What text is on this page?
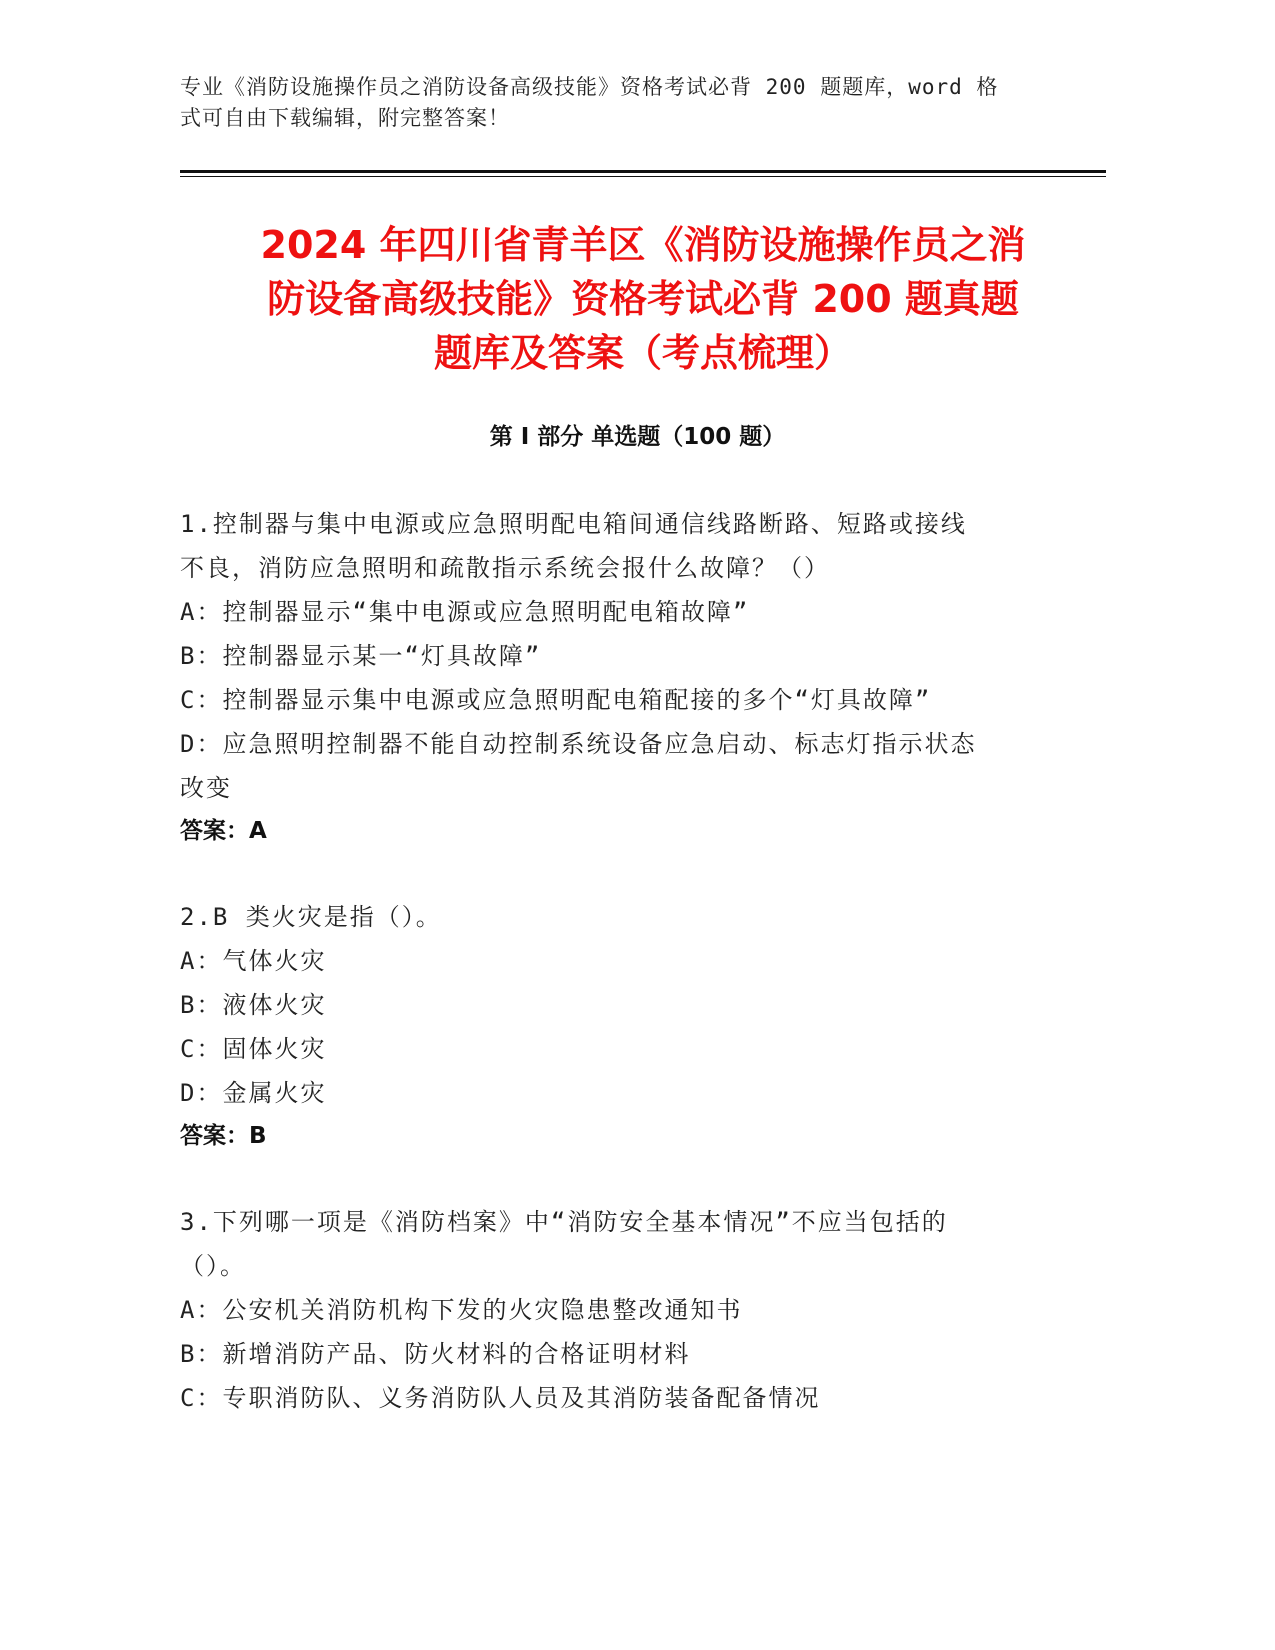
专业《消防设施操作员之消防设备高级技能》资格考试必背 200 题题库，word 格
式可自由下载编辑，附完整答案！
2024 年四川省青羊区《消防设施操作员之消
防设备高级技能》资格考试必背 200 题真题
题库及答案（考点梳理）
第 I 部分 单选题（100 题）
1.控制器与集中电源或应急照明配电箱间通信线路断路、短路或接线
不良，消防应急照明和疏散指示系统会报什么故障？（）
A：控制器显示“集中电源或应急照明配电箱故障”
B：控制器显示某一“灯具故障”
C：控制器显示集中电源或应急照明配电箱配接的多个“灯具故障”
D：应急照明控制器不能自动控制系统设备应急启动、标志灯指示状态
改变
答案：A
2.B 类火灾是指（）。
A：气体火灾
B：液体火灾
C：固体火灾
D：金属火灾
答案：B
3.下列哪一项是《消防档案》中“消防安全基本情况”不应当包括的
（）。
A：公安机关消防机构下发的火灾隐患整改通知书
B：新增消防产品、防火材料的合格证明材料
C：专职消防队、义务消防队人员及其消防装备配备情况
